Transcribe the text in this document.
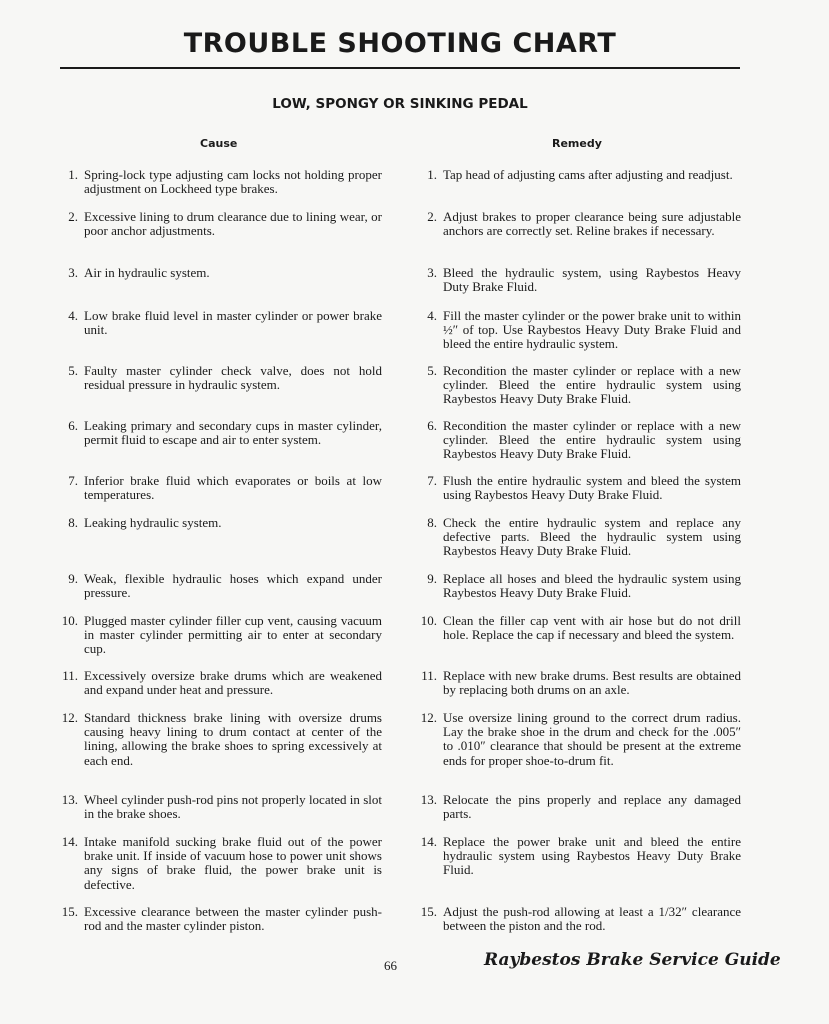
TROUBLE SHOOTING CHART
LOW, SPONGY OR SINKING PEDAL
Cause	Remedy
1. Spring-lock type adjusting cam locks not holding proper adjustment on Lockheed type brakes.
2. Excessive lining to drum clearance due to lining wear, or poor anchor adjustments.
3. Air in hydraulic system.
4. Low brake fluid level in master cylinder or power brake unit.
5. Faulty master cylinder check valve, does not hold residual pressure in hydraulic system.
6. Leaking primary and secondary cups in master cylinder, permit fluid to escape and air to enter system.
7. Inferior brake fluid which evaporates or boils at low temperatures.
8. Leaking hydraulic system.
9. Weak, flexible hydraulic hoses which expand under pressure.
10. Plugged master cylinder filler cup vent, causing vacuum in master cylinder permitting air to enter at secondary cup.
11. Excessively oversize brake drums which are weakened and expand under heat and pressure.
12. Standard thickness brake lining with oversize drums causing heavy lining to drum contact at center of the lining, allowing the brake shoes to spring excessively at each end.
13. Wheel cylinder push-rod pins not properly located in slot in the brake shoes.
14. Intake manifold sucking brake fluid out of the power brake unit. If inside of vacuum hose to power unit shows any signs of brake fluid, the power brake unit is defective.
15. Excessive clearance between the master cylinder push-rod and the master cylinder piston.
1. Tap head of adjusting cams after adjusting and readjust.
2. Adjust brakes to proper clearance being sure adjustable anchors are correctly set. Reline brakes if necessary.
3. Bleed the hydraulic system, using Raybestos Heavy Duty Brake Fluid.
4. Fill the master cylinder or the power brake unit to within ½″ of top. Use Raybestos Heavy Duty Brake Fluid and bleed the entire hydraulic system.
5. Recondition the master cylinder or replace with a new cylinder. Bleed the entire hydraulic system using Raybestos Heavy Duty Brake Fluid.
6. Recondition the master cylinder or replace with a new cylinder. Bleed the entire hydraulic system using Raybestos Heavy Duty Brake Fluid.
7. Flush the entire hydraulic system and bleed the system using Raybestos Heavy Duty Brake Fluid.
8. Check the entire hydraulic system and replace any defective parts. Bleed the hydraulic system using Raybestos Heavy Duty Brake Fluid.
9. Replace all hoses and bleed the hydraulic system using Raybestos Heavy Duty Brake Fluid.
10. Clean the filler cap vent with air hose but do not drill hole. Replace the cap if necessary and bleed the system.
11. Replace with new brake drums. Best results are obtained by replacing both drums on an axle.
12. Use oversize lining ground to the correct drum radius. Lay the brake shoe in the drum and check for the .005″ to .010″ clearance that should be present at the extreme ends for proper shoe-to-drum fit.
13. Relocate the pins properly and replace any damaged parts.
14. Replace the power brake unit and bleed the entire hydraulic system using Raybestos Heavy Duty Brake Fluid.
15. Adjust the push-rod allowing at least a 1/32″ clearance between the piston and the rod.
66	Raybestos Brake Service Guide
